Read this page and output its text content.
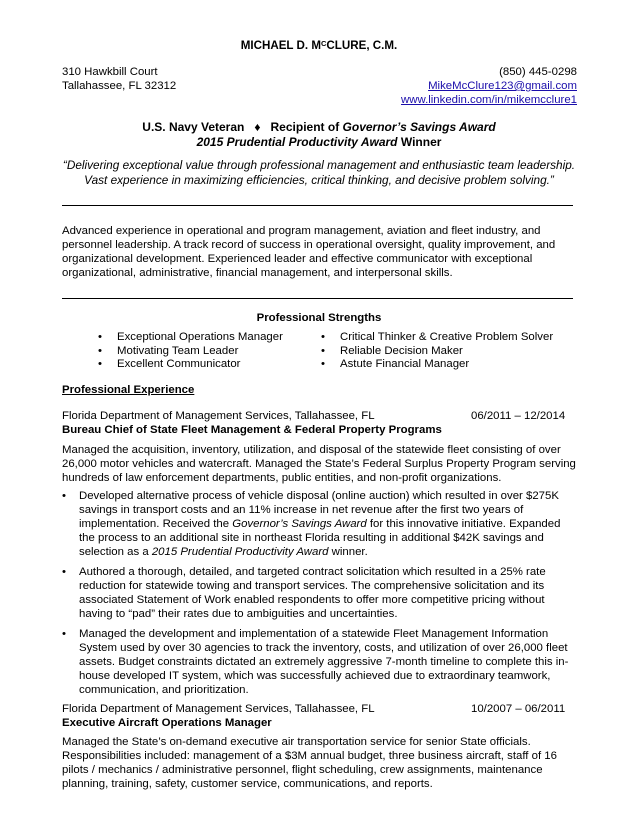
MICHAEL D. $M^CCLURE$, C.M.
310 Hawkbill Court
Tallahassee, FL 32312
(850) 445-0298
MikeMcClure123@gmail.com
www.linkedin.com/in/mikemcclure1
U.S. Navy Veteran ♦ Recipient of Governor’s Savings Award
2015 Prudential Productivity Award Winner
“Delivering exceptional value through professional management and enthusiastic team leadership.
Vast experience in maximizing efficiencies, critical thinking, and decisive problem solving.”
Advanced experience in operational and program management, aviation and fleet industry, and personnel leadership. A track record of success in operational oversight, quality improvement, and organizational development. Experienced leader and effective communicator with exceptional organizational, administrative, financial management, and interpersonal skills.
Professional Strengths
• Exceptional Operations Manager
• Motivating Team Leader
• Excellent Communicator
• Critical Thinker & Creative Problem Solver
• Reliable Decision Maker
• Astute Financial Manager
Professional Experience
Florida Department of Management Services, Tallahassee, FL	06/2011 – 12/2014
Bureau Chief of State Fleet Management & Federal Property Programs
Managed the acquisition, inventory, utilization, and disposal of the statewide fleet consisting of over 26,000 motor vehicles and watercraft. Managed the State’s Federal Surplus Property Program serving hundreds of law enforcement departments, public entities, and non-profit organizations.
• Developed alternative process of vehicle disposal (online auction) which resulted in over $275K savings in transport costs and an 11% increase in net revenue after the first two years of implementation. Received the Governor’s Savings Award for this innovative initiative. Expanded the process to an additional site in northeast Florida resulting in additional $42K savings and selection as a 2015 Prudential Productivity Award winner.
• Authored a thorough, detailed, and targeted contract solicitation which resulted in a 25% rate reduction for statewide towing and transport services. The comprehensive solicitation and its associated Statement of Work enabled respondents to offer more competitive pricing without having to “pad” their rates due to ambiguities and uncertainties.
• Managed the development and implementation of a statewide Fleet Management Information System used by over 30 agencies to track the inventory, costs, and utilization of over 26,000 fleet assets. Budget constraints dictated an extremely aggressive 7-month timeline to complete this in-house developed IT system, which was successfully achieved due to extraordinary teamwork, communication, and prioritization.
Florida Department of Management Services, Tallahassee, FL	10/2007 – 06/2011
Executive Aircraft Operations Manager
Managed the State’s on-demand executive air transportation service for senior State officials. Responsibilities included: management of a $3M annual budget, three business aircraft, staff of 16 pilots / mechanics / administrative personnel, flight scheduling, crew assignments, maintenance planning, training, safety, customer service, communications, and reports.
